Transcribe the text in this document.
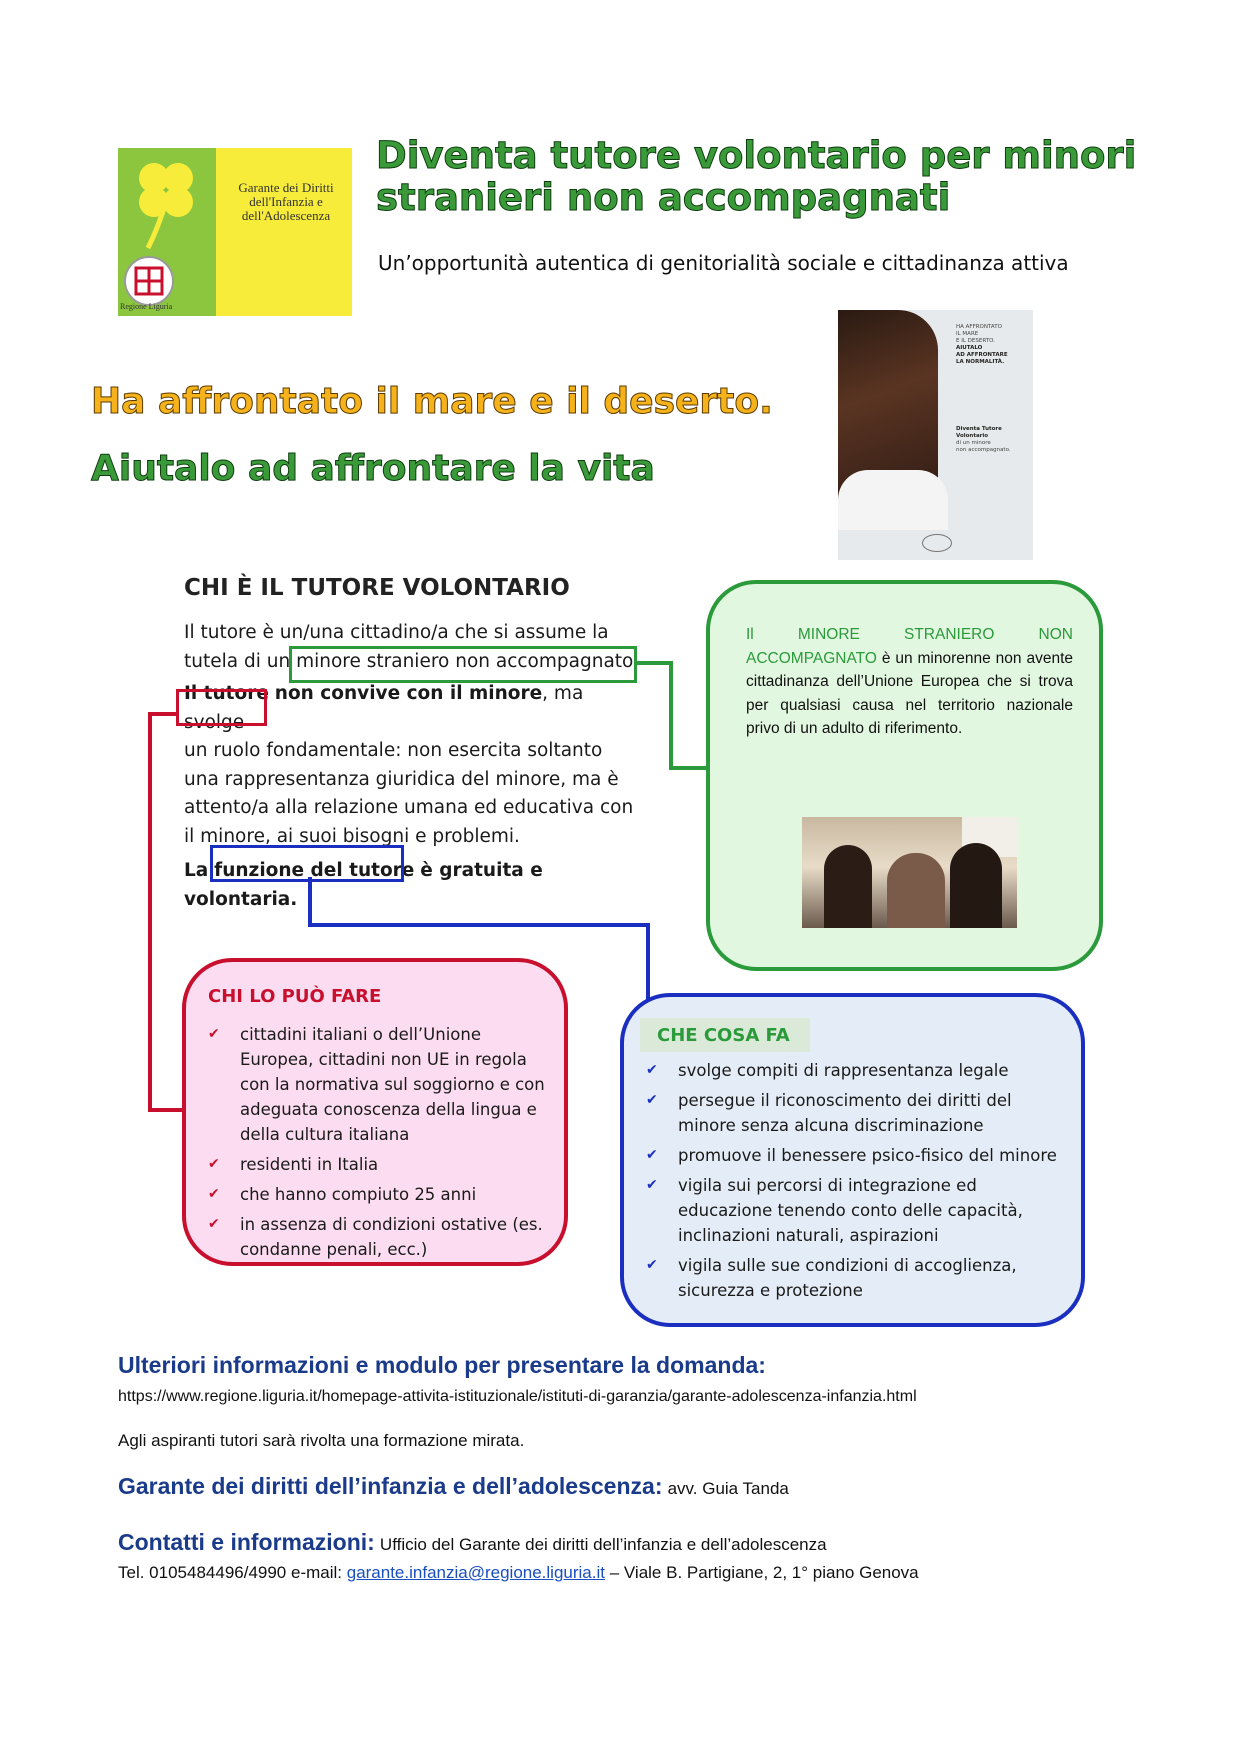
Garante dei Diritti
dell'Infanzia e
dell'Adolescenza
Regione Liguria
Diventa tutore volontario per minori
stranieri non accompagnati
Un’opportunità autentica di genitorialità sociale e cittadinanza attiva
Ha affrontato il mare e il deserto.
Aiutalo ad affrontare la vita
HA AFFRONTATO
IL MARE
E IL DESERTO.
AIUTALO
AD AFFRONTARE
LA NORMALITÀ.
Diventa Tutore Volontario
di un minore
non accompagnato.
CHI È IL TUTORE VOLONTARIO
Il tutore è un/una cittadino/a che si assume la
tutela di un minore straniero non accompagnato.
Il tutore non convive con il minore, ma svolge
un ruolo fondamentale: non esercita soltanto
una rappresentanza giuridica del minore, ma è
attento/a alla relazione umana ed educativa con
il minore, ai suoi bisogni e problemi.
La funzione del tutore è gratuita e volontaria.
Il MINORE STRANIERO NON ACCOMPAGNATO è un minorenne non avente cittadinanza dell’Unione Europea che si trova per qualsiasi causa nel territorio nazionale privo di un adulto di riferimento.
CHI LO PUÒ FARE
✔ cittadini italiani o dell’Unione Europea, cittadini non UE in regola con la normativa sul soggiorno e con adeguata conoscenza della lingua e della cultura italiana
✔ residenti in Italia
✔ che hanno compiuto 25 anni
✔ in assenza di condizioni ostative (es. condanne penali, ecc.)
CHE COSA FA
✔ svolge compiti di rappresentanza legale
✔ persegue il riconoscimento dei diritti del minore senza alcuna discriminazione
✔ promuove il benessere psico-fisico del minore
✔ vigila sui percorsi di integrazione ed educazione tenendo conto delle capacità, inclinazioni naturali, aspirazioni
✔ vigila sulle sue condizioni di accoglienza, sicurezza e protezione
Ulteriori informazioni e modulo per presentare la domanda:
https://www.regione.liguria.it/homepage-attivita-istituzionale/istituti-di-garanzia/garante-adolescenza-infanzia.html
Agli aspiranti tutori sarà rivolta una formazione mirata.
Garante dei diritti dell’infanzia e dell’adolescenza: avv. Guia Tanda
Contatti e informazioni: Ufficio del Garante dei diritti dell’infanzia e dell’adolescenza
Tel. 0105484496/4990 e-mail: garante.infanzia@regione.liguria.it – Viale B. Partigiane, 2, 1° piano Genova
